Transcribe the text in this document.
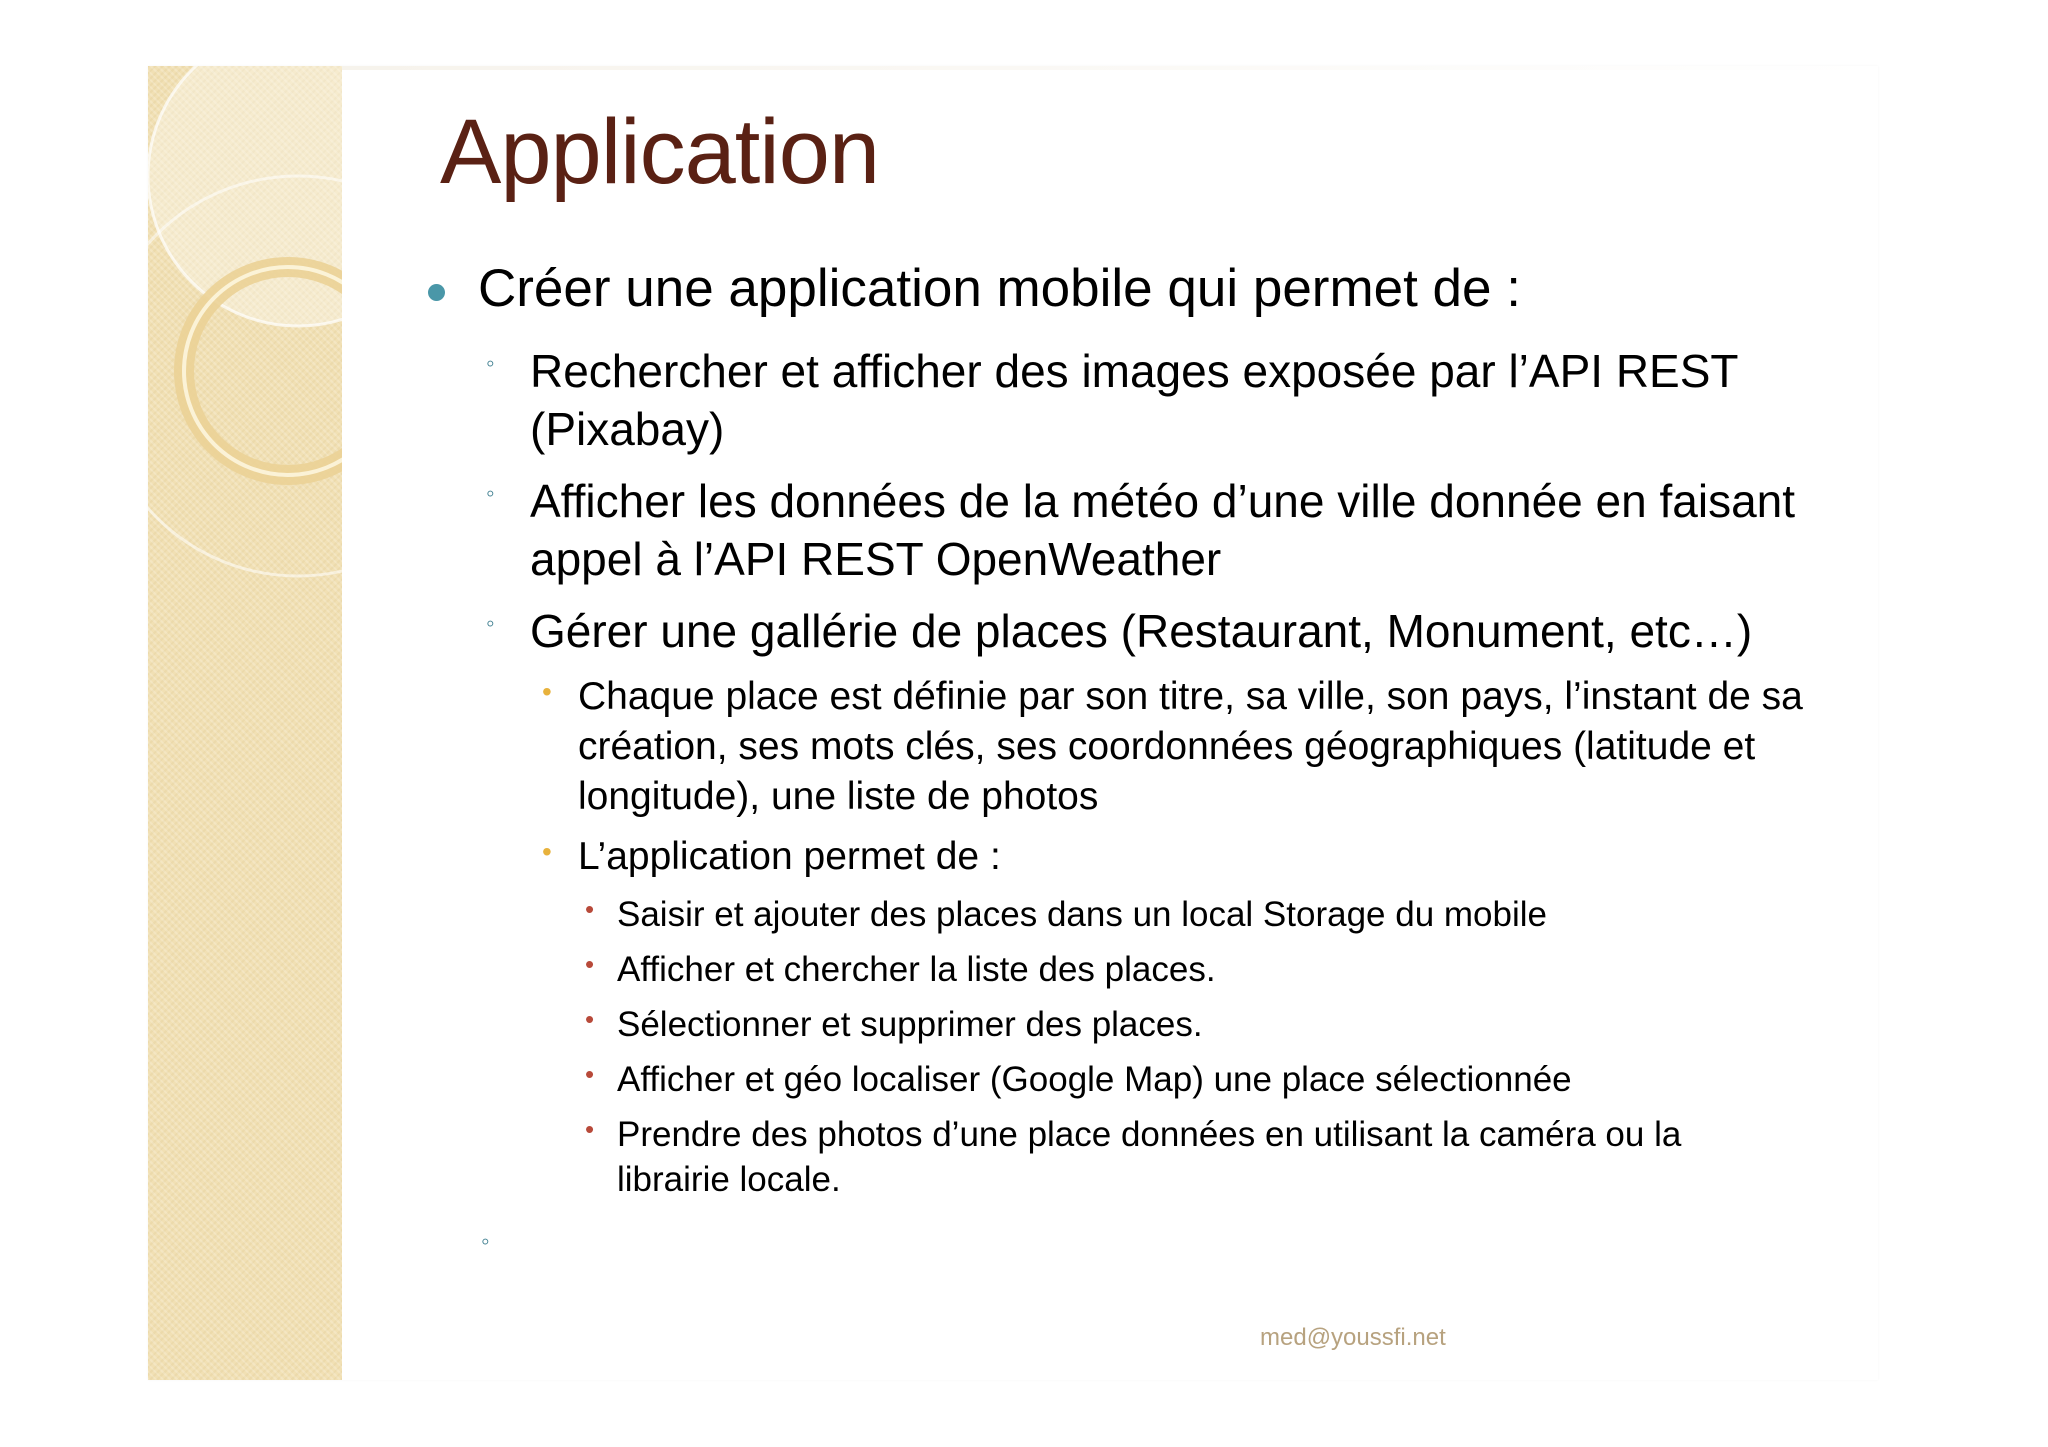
Application
Créer une application mobile qui permet de :
◦ Rechercher et afficher des images exposée par l’API REST (Pixabay)
◦ Afficher les données de la météo d’une ville donnée en faisant appel à l’API REST OpenWeather
◦ Gérer une gallérie de places (Restaurant, Monument, etc…)
• Chaque place est définie par son titre, sa ville, son pays, l’instant de sa création, ses mots clés, ses coordonnées géographiques (latitude et longitude), une liste de photos
• L’application permet de :
• Saisir et ajouter des places dans un local Storage du mobile
• Afficher et chercher la liste des places.
• Sélectionner et supprimer des places.
• Afficher et géo localiser (Google Map) une place sélectionnée
• Prendre des photos d’une place données en utilisant la caméra ou la librairie locale.
◦
med@youssfi.net
